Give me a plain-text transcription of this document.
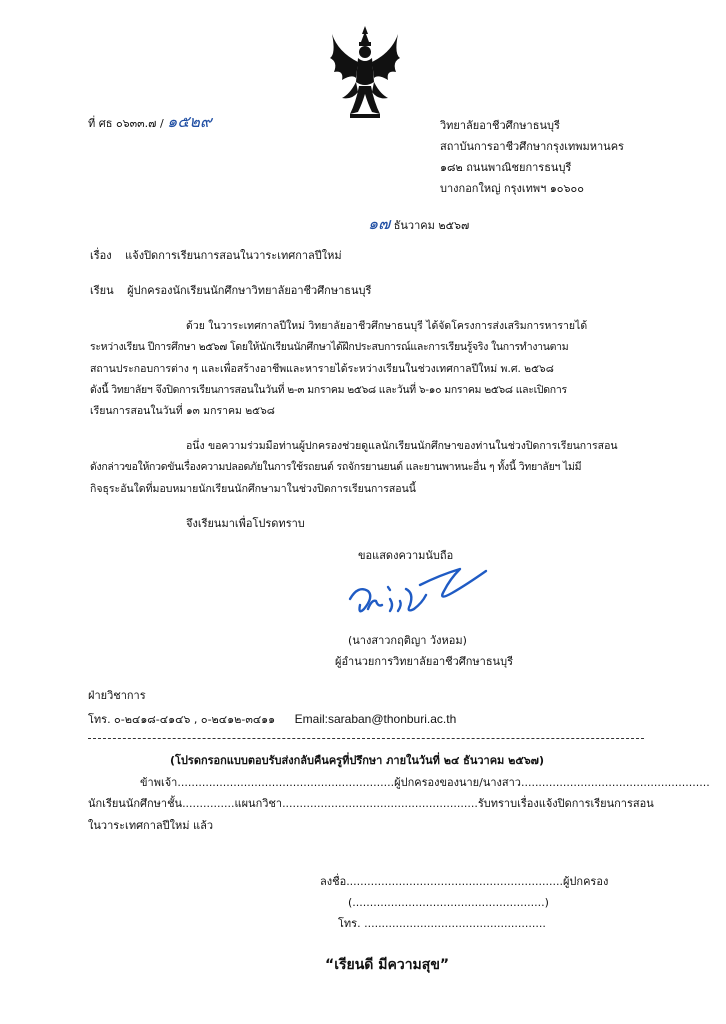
ที่ ศธ ๐๖๓๓.๗ / ๑๕๒๙	วิทยาลัยอาชีวศึกษาธนบุรี
สถาบันการอาชีวศึกษากรุงเทพมหานคร
๑๘๒ ถนนพาณิชยการธนบุรี
บางกอกใหญ่ กรุงเทพฯ ๑๐๖๐๐
๑๗ ธันวาคม ๒๕๖๗
เรื่อง แจ้งปิดการเรียนการสอนในวาระเทศกาลปีใหม่
เรียน ผู้ปกครองนักเรียนนักศึกษาวิทยาลัยอาชีวศึกษาธนบุรี
ด้วย ในวาระเทศกาลปีใหม่ วิทยาลัยอาชีวศึกษาธนบุรี ได้จัดโครงการส่งเสริมการหารายได้
ระหว่างเรียน ปีการศึกษา ๒๕๖๗ โดยให้นักเรียนนักศึกษาได้ฝึกประสบการณ์และการเรียนรู้จริง ในการทำงานตาม
สถานประกอบการต่าง ๆ และเพื่อสร้างอาชีพและหารายได้ระหว่างเรียนในช่วงเทศกาลปีใหม่ พ.ศ. ๒๕๖๘
ดังนี้ วิทยาลัยฯ จึงปิดการเรียนการสอนในวันที่ ๒-๓ มกราคม ๒๕๖๘ และวันที่ ๖-๑๐ มกราคม ๒๕๖๘ และเปิดการ
เรียนการสอนในวันที่ ๑๓ มกราคม ๒๕๖๘
อนึ่ง ขอความร่วมมือท่านผู้ปกครองช่วยดูแลนักเรียนนักศึกษาของท่านในช่วงปิดการเรียนการสอน
ดังกล่าวขอให้กวดขันเรื่องความปลอดภัยในการใช้รถยนต์ รถจักรยานยนต์ และยานพาหนะอื่น ๆ ทั้งนี้ วิทยาลัยฯ ไม่มี
กิจธุระอันใดที่มอบหมายนักเรียนนักศึกษามาในช่วงปิดการเรียนการสอนนี้
จึงเรียนมาเพื่อโปรดทราบ
ขอแสดงความนับถือ
(นางสาวกฤติญา วังหอม)
ผู้อำนวยการวิทยาลัยอาชีวศึกษาธนบุรี
ฝ่ายวิชาการ
โทร. ๐-๒๔๑๘-๔๑๔๖ , ๐-๒๔๑๒-๓๔๑๑ Email:saraban@thonburi.ac.th
(โปรดกรอกแบบตอบรับส่งกลับคืนครูที่ปรึกษา ภายในวันที่ ๒๔ ธันวาคม ๒๕๖๗)
ข้าพเจ้า..............................................................ผู้ปกครองของนาย/นางสาว......................................................
นักเรียนนักศึกษาชั้น...............แผนกวิชา........................................................รับทราบเรื่องแจ้งปิดการเรียนการสอน
ในวาระเทศกาลปีใหม่ แล้ว
ลงชื่อ..............................................................ผู้ปกครอง
(.......................................................)
โทร. ....................................................
“เรียนดี มีความสุข”
